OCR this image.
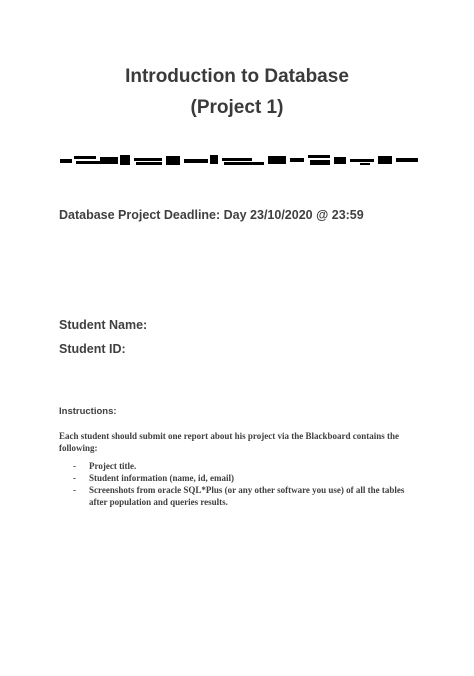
Introduction to Database
(Project 1)
Database Project Deadline: Day 23/10/2020 @ 23:59
Student Name:
Student ID:
Instructions:
Each student should submit one report about his project via the Blackboard contains the following:
- Project title.
- Student information (name, id, email)
- Screenshots from oracle SQL*Plus (or any other software you use) of all the tables after population and queries results.
